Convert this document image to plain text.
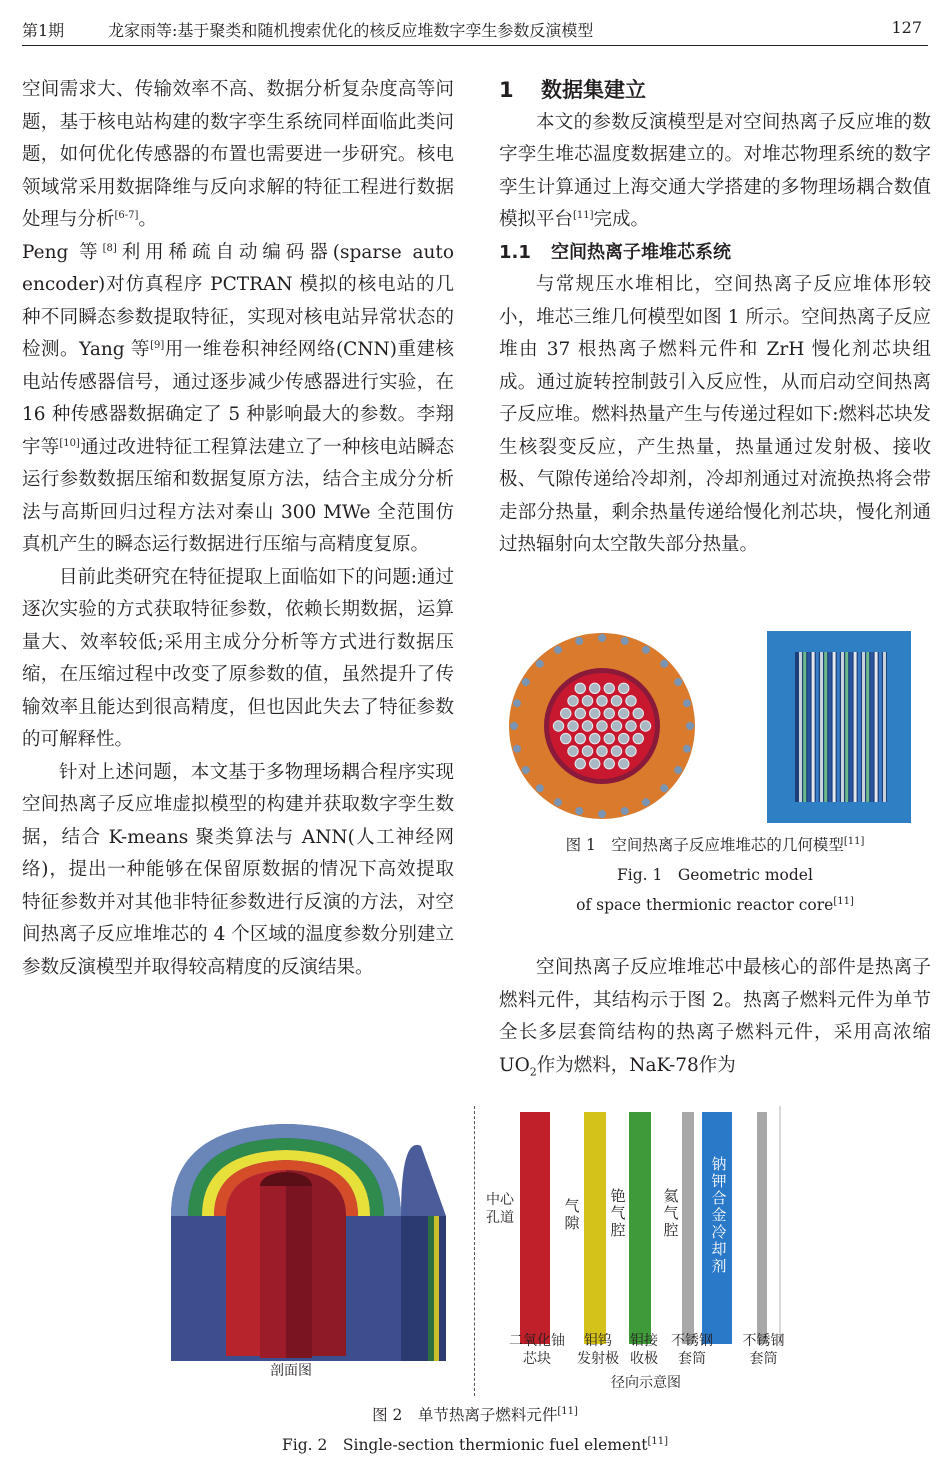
第1期	龙家雨等:基于聚类和随机搜索优化的核反应堆数字孪生参数反演模型	127

空间需求大、传输效率不高、数据分析复杂度高等问题，基于核电站构建的数字孪生系统同样面临此类问题，如何优化传感器的布置也需要进一步研究。核电领域常采用数据降维与反向求解的特征工程进行数据处理与分析[6-7]。

Peng 等[8]利用稀疏自动编码器(sparse auto encoder)对仿真程序 PCTRAN 模拟的核电站的几种不同瞬态参数提取特征，实现对核电站异常状态的检测。Yang 等[9]用一维卷积神经网络(CNN)重建核电站传感器信号，通过逐步减少传感器进行实验，在 16 种传感器数据确定了 5 种影响最大的参数。李翔宇等[10]通过改进特征工程算法建立了一种核电站瞬态运行参数数据压缩和数据复原方法，结合主成分分析法与高斯回归过程方法对秦山 300 MWe 全范围仿真机产生的瞬态运行数据进行压缩与高精度复原。

目前此类研究在特征提取上面临如下的问题:通过逐次实验的方式获取特征参数，依赖长期数据，运算量大、效率较低;采用主成分分析等方式进行数据压缩，在压缩过程中改变了原参数的值，虽然提升了传输效率且能达到很高精度，但也因此失去了特征参数的可解释性。

针对上述问题，本文基于多物理场耦合程序实现空间热离子反应堆虚拟模型的构建并获取数字孪生数据，结合 K-means 聚类算法与 ANN(人工神经网络)，提出一种能够在保留原数据的情况下高效提取特征参数并对其他非特征参数进行反演的方法，对空间热离子反应堆堆芯的 4 个区域的温度参数分别建立参数反演模型并取得较高精度的反演结果。

1 数据集建立

本文的参数反演模型是对空间热离子反应堆的数字孪生堆芯温度数据建立的。对堆芯物理系统的数字孪生计算通过上海交通大学搭建的多物理场耦合数值模拟平台[11]完成。

1.1 空间热离子堆堆芯系统

与常规压水堆相比，空间热离子反应堆体形较小，堆芯三维几何模型如图 1 所示。空间热离子反应堆由 37 根热离子燃料元件和 ZrH 慢化剂芯块组成。通过旋转控制鼓引入反应性，从而启动空间热离子反应堆。燃料热量产生与传递过程如下:燃料芯块发生核裂变反应，产生热量，热量通过发射极、接收极、气隙传递给冷却剂，冷却剂通过对流换热将会带走部分热量，剩余热量传递给慢化剂芯块，慢化剂通过热辐射向太空散失部分热量。

图 1　空间热离子反应堆堆芯的几何模型[11]
Fig. 1　Geometric model
of space thermionic reactor core[11]

空间热离子反应堆堆芯中最核心的部件是热离子燃料元件，其结构示于图 2。热离子燃料元件为单节全长多层套筒结构的热离子燃料元件，采用高浓缩$UO_2$作为燃料，NaK-78作为

剖面图
中心孔道
气隙
铯气腔
氦气腔
钠钾合金冷却剂
二氧化铀
芯块
钼钨
发射极
钼接
收极
不锈钢
套筒
不锈钢
套筒
径向示意图
图 2　单节热离子燃料元件[11]
Fig. 2　Single-section thermionic fuel element[11]
